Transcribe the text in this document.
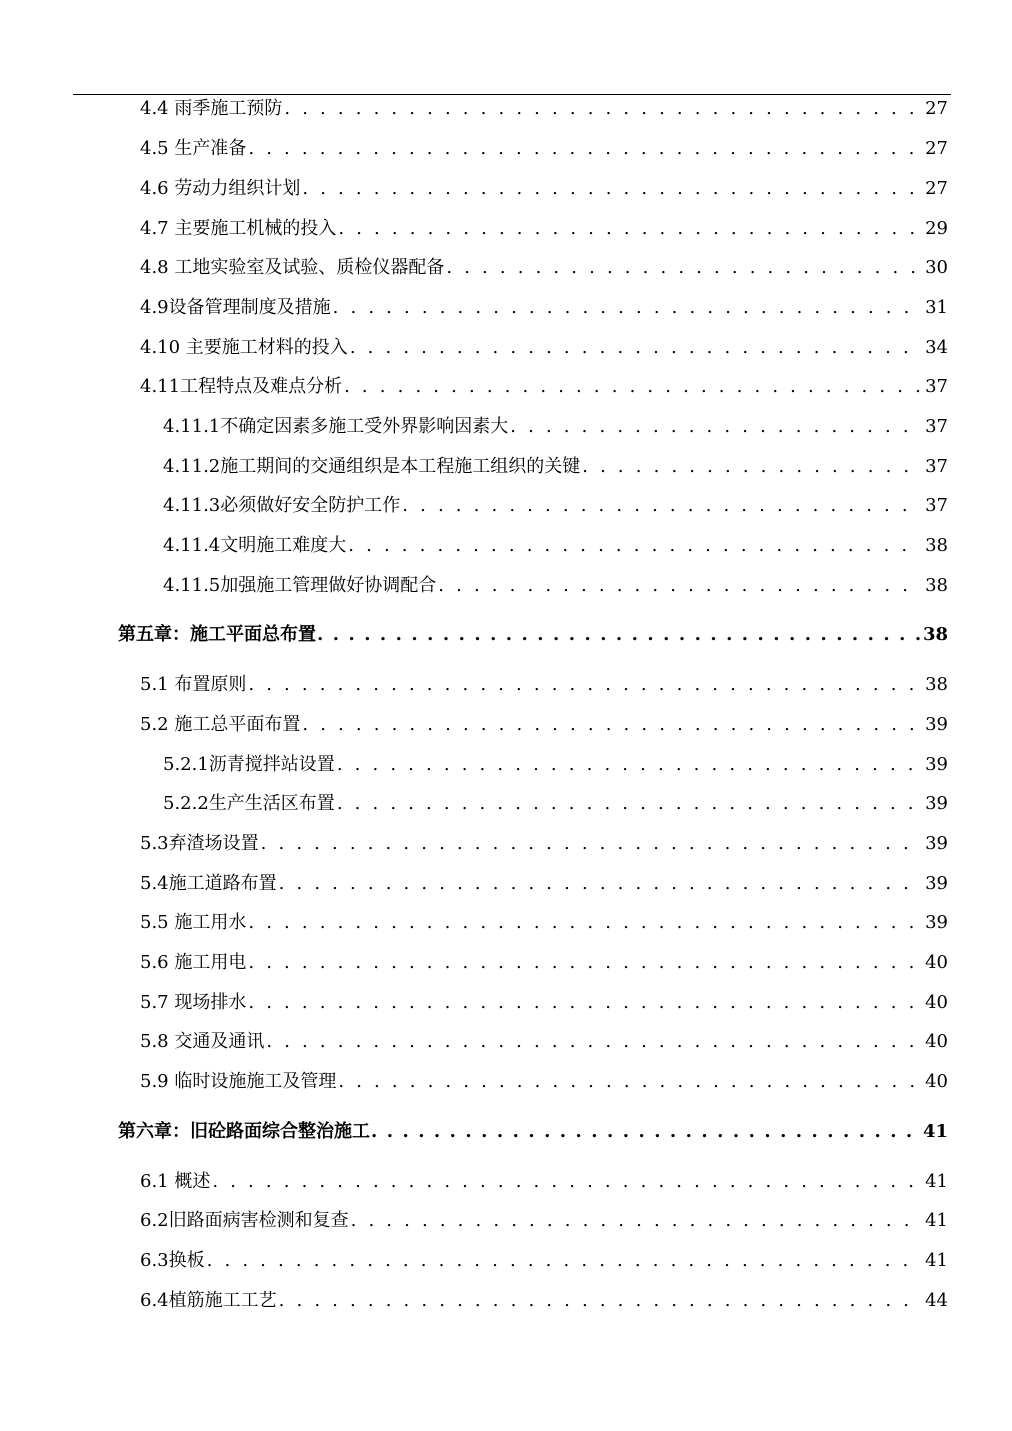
4.4 雨季施工预防 . . .	27
4.5 生产准备 . . .	27
4.6 劳动力组织计划 . . .	27
4.7 主要施工机械的投入 . . .	29
4.8 工地实验室及试验、质检仪器配备 . . .	30
4.9设备管理制度及措施 . . .	31
4.10 主要施工材料的投入 . . .	34
4.11工程特点及难点分析 . . .	37
4.11.1不确定因素多施工受外界影响因素大 . . .	37
4.11.2施工期间的交通组织是本工程施工组织的关键 . . .	37
4.11.3必须做好安全防护工作 . . .	37
4.11.4文明施工难度大 . . .	38
4.11.5加强施工管理做好协调配合 . . .	38
第五章：施工平面总布置 . . .	38
5.1 布置原则 . . .	38
5.2 施工总平面布置 . . .	39
5.2.1沥青搅拌站设置 . . .	39
5.2.2生产生活区布置 . . .	39
5.3弃渣场设置 . . .	39
5.4施工道路布置 . . .	39
5.5 施工用水 . . .	39
5.6 施工用电 . . .	40
5.7 现场排水 . . .	40
5.8 交通及通讯 . . .	40
5.9 临时设施施工及管理 . . .	40
第六章：旧砼路面综合整治施工 . . .	41
6.1 概述 . . .	41
6.2旧路面病害检测和复查 . . .	41
6.3换板 . . .	41
6.4植筋施工工艺 . . .	44
